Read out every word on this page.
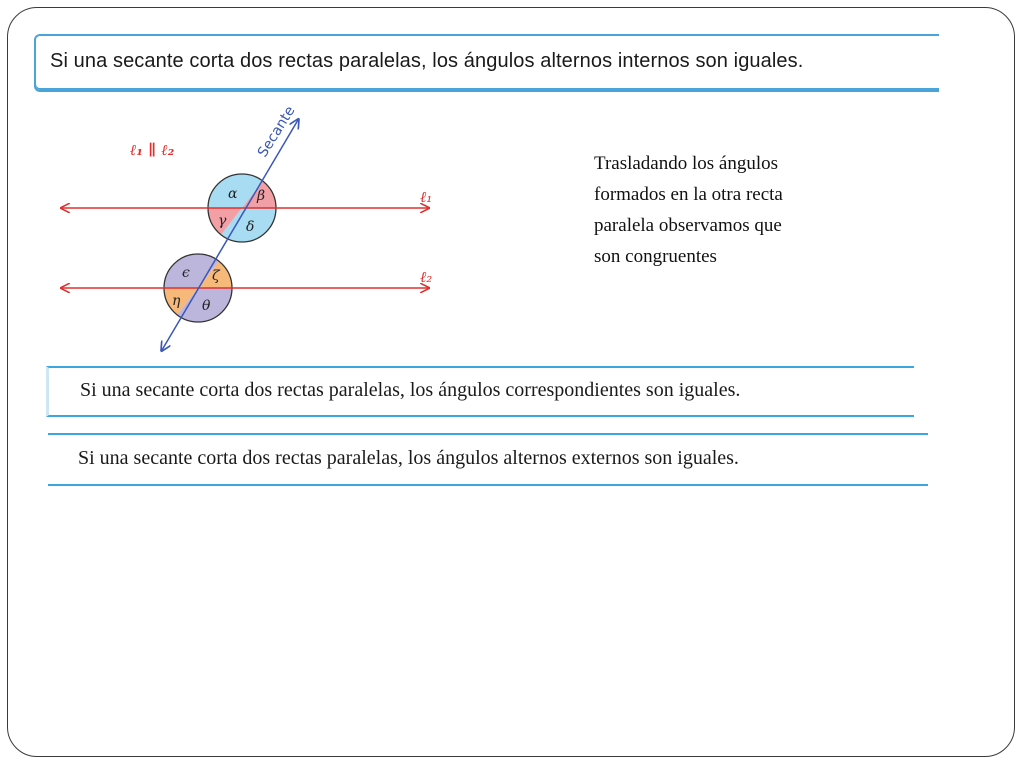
Si una secante corta dos rectas paralelas, los ángulos alternos internos son iguales.
ℓ₁ ∥ ℓ₂	Secante
ℓ₁
ℓ₂
α β
γ δ
ϵ ζ
η θ
Trasladando los ángulos
formados en la otra recta
paralela observamos que
son congruentes
Si una secante corta dos rectas paralelas, los ángulos correspondientes son iguales.
Si una secante corta dos rectas paralelas, los ángulos alternos externos son iguales.
